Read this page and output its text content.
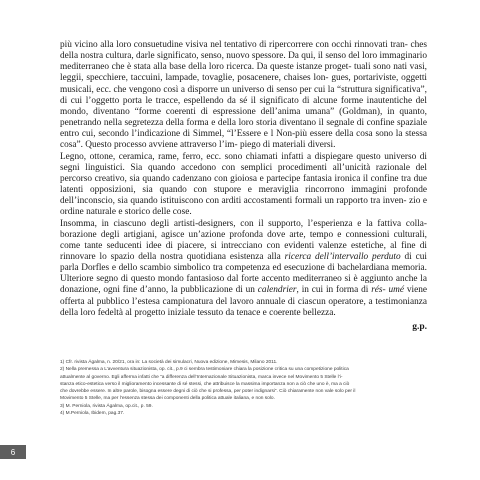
più vicino alla loro consuetudine visiva nel tentativo di ripercorrere con occhi rinnovati tran- ches della nostra cultura, darle significato, senso, nuovo spessore. Da qui, il senso del loro immaginario mediterraneo che è stata alla base della loro ricerca. Da queste istanze proget- tuali sono nati vasi, leggii, specchiere, taccuini, lampade, tovaglie, posacenere, chaises lon- gues, portariviste, oggetti musicali, ecc. che vengono così a disporre un universo di senso per cui la “struttura significativa”, di cui l’oggetto porta le tracce, espellendo da sé il significato di alcune forme inautentiche del mondo, diventano “forme coerenti di espressione dell’anima umana” (Goldman), in quanto, penetrando nella segretezza della forma e della loro storia diventano il segnale di confine spaziale entro cui, secondo l’indicazione di Simmel, “l’Essere e l Non-più essere della cosa sono la stessa cosa”. Questo processo avviene attraverso l’im- piego di materiali diversi.

Legno, ottone, ceramica, rame, ferro, ecc. sono chiamati infatti a dispiegare questo universo di segni linguistici. Sia quando accedono con semplici procedimenti all’unicità razionale del percorso creativo, sia quando cadenzano con gioiosa e partecipe fantasia ironica il confine tra due latenti opposizioni, sia quando con stupore e meraviglia rincorrono immagini profonde dell’inconscio, sia quando istituiscono con arditi accostamenti formali un rapporto tra inven- zio e ordine naturale e storico delle cose.

Insomma, in ciascuno degli artisti-designers, con il supporto, l’esperienza e la fattiva colla- borazione degli artigiani, agisce un’azione profonda dove arte, tempo e connessioni culturali, come tante seducenti idee di piacere, si intrecciano con evidenti valenze estetiche, al fine di rinnovare lo spazio della nostra quotidiana esistenza alla ricerca dell’intervallo perduto di cui parla Dorfles e dello scambio simbolico tra competenza ed esecuzione di bachelardiana memoria. Ulteriore segno di questo mondo fantasioso dal forte accento mediterraneo si è aggiunto anche la donazione, ogni fine d’anno, la pubblicazione di un calendrier, in cui in forma di rés- umé viene offerta al pubblico l’estesa campionatura del lavoro annuale di ciascun operatore, a testimonianza della loro fedeltà al progetto iniziale tessuto da tenace e coerente bellezza.

g.p.

1) Cfr. rivista Ágalma, n. 20/21, ora in: La società dei simulacri, Nuova edizione, Mimesis, Milano 2011.

2) Nella premessa a L’avventura situazionista, op. cit., p.9 ci sembra testimoniare chiara la posizione critica su una competizione politica

attualmente al governo. Egli afferma infatti che “a differenza dell’Internazionale Situazionista, marca invece nel Movimento 5 Stelle l’i-

stanza etico-estetica verso il miglioramento incessante di sé stessi, che attribuisce la massima importanza non a ciò che uno è, ma a ciò

che dovrebbe essere. In altre parole, bisogna essere degni di ciò che si professa, per poter indignarsi”. Ciò chiaramente non vale solo per il

Movimento 5 Stelle, ma per l’essenza stessa dei componenti della politica attuale italiana, e non solo.

3) M. Perniola, rivista Ágalma, op.cit., p. 59.

4) M.Perniola, Ibidem, pag.37.

6
